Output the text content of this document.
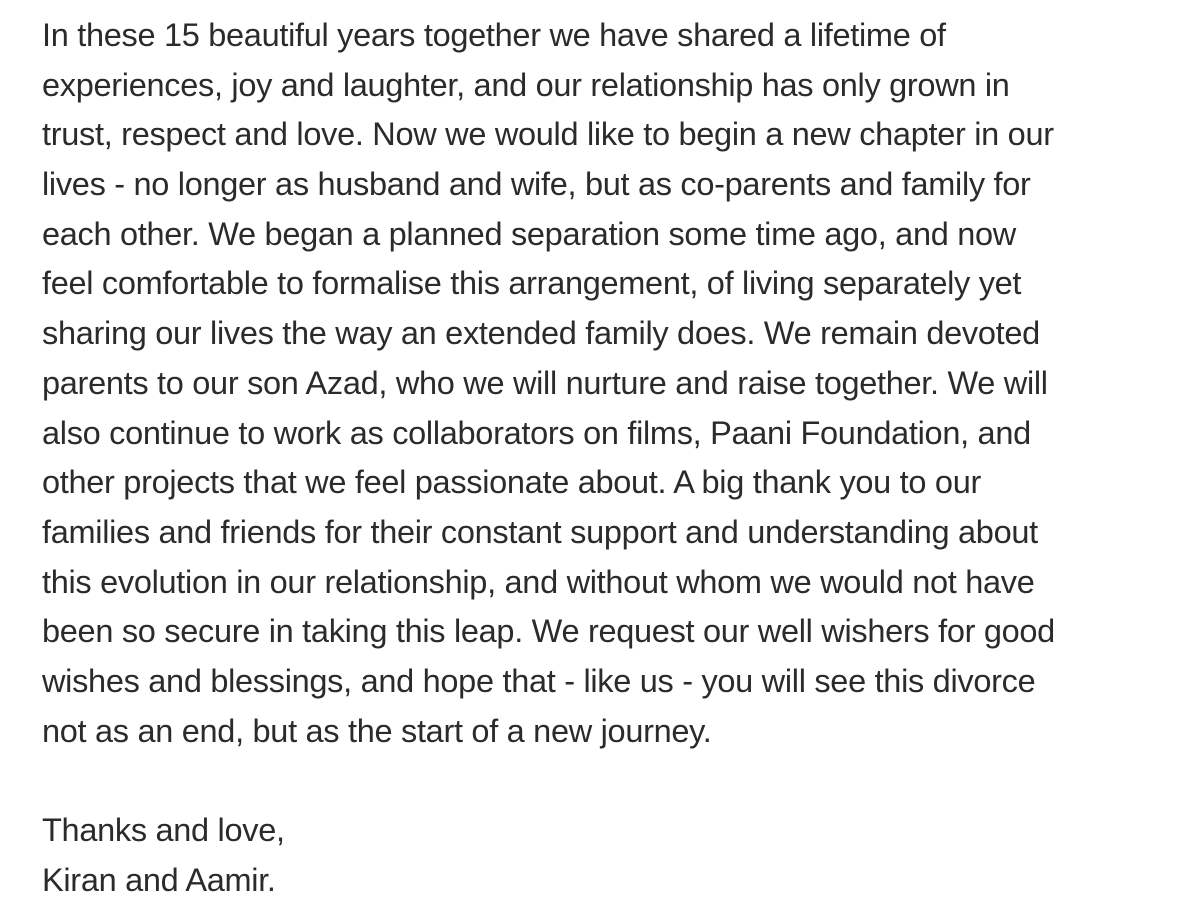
In these 15 beautiful years together we have shared a lifetime of
experiences, joy and laughter, and our relationship has only grown in
trust, respect and love. Now we would like to begin a new chapter in our
lives - no longer as husband and wife, but as co-parents and family for
each other. We began a planned separation some time ago, and now
feel comfortable to formalise this arrangement, of living separately yet
sharing our lives the way an extended family does. We remain devoted
parents to our son Azad, who we will nurture and raise together. We will
also continue to work as collaborators on films, Paani Foundation, and
other projects that we feel passionate about. A big thank you to our
families and friends for their constant support and understanding about
this evolution in our relationship, and without whom we would not have
been so secure in taking this leap. We request our well wishers for good
wishes and blessings, and hope that - like us - you will see this divorce
not as an end, but as the start of a new journey.
Thanks and love,
Kiran and Aamir.
